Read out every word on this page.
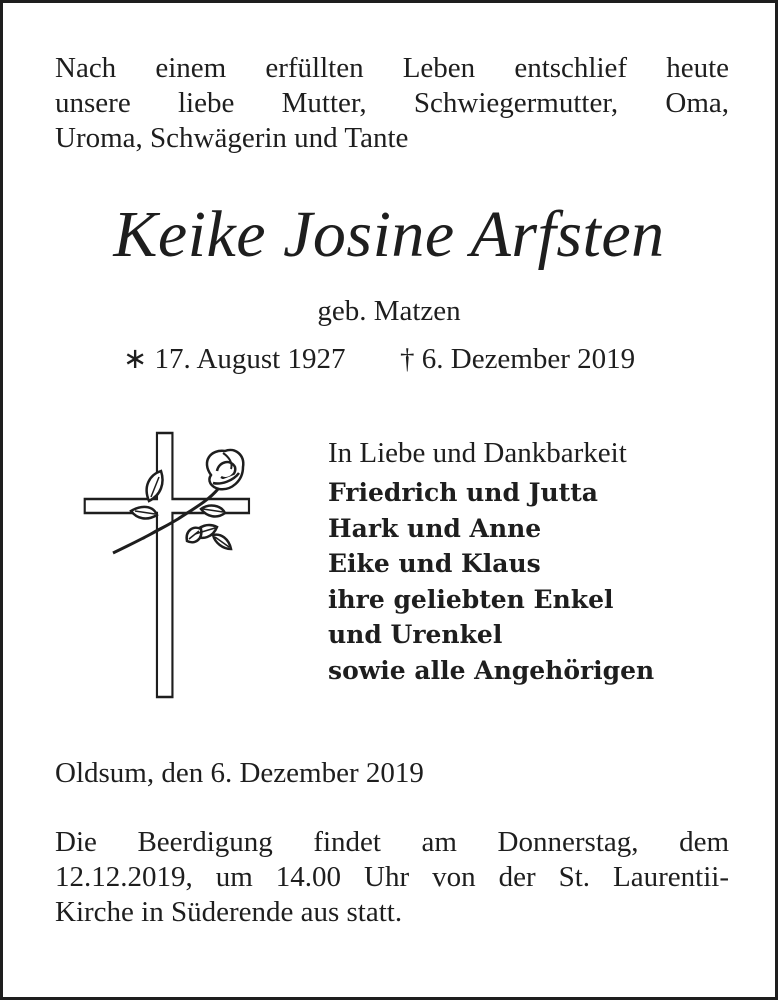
Nach einem erfüllten Leben entschlief heute
unsere liebe Mutter, Schwiegermutter, Oma,
Uroma, Schwägerin und Tante

Keike Josine Arfsten
geb. Matzen
∗ 17. August 1927 † 6. Dezember 2019
In Liebe und Dankbarkeit
Friedrich und Jutta
Hark und Anne
Eike und Klaus
ihre geliebten Enkel
und Urenkel
sowie alle Angehörigen
Oldsum, den 6. Dezember 2019

Die Beerdigung findet am Donnerstag, dem
12.12.2019, um 14.00 Uhr von der St. Laurentii-
Kirche in Süderende aus statt.
